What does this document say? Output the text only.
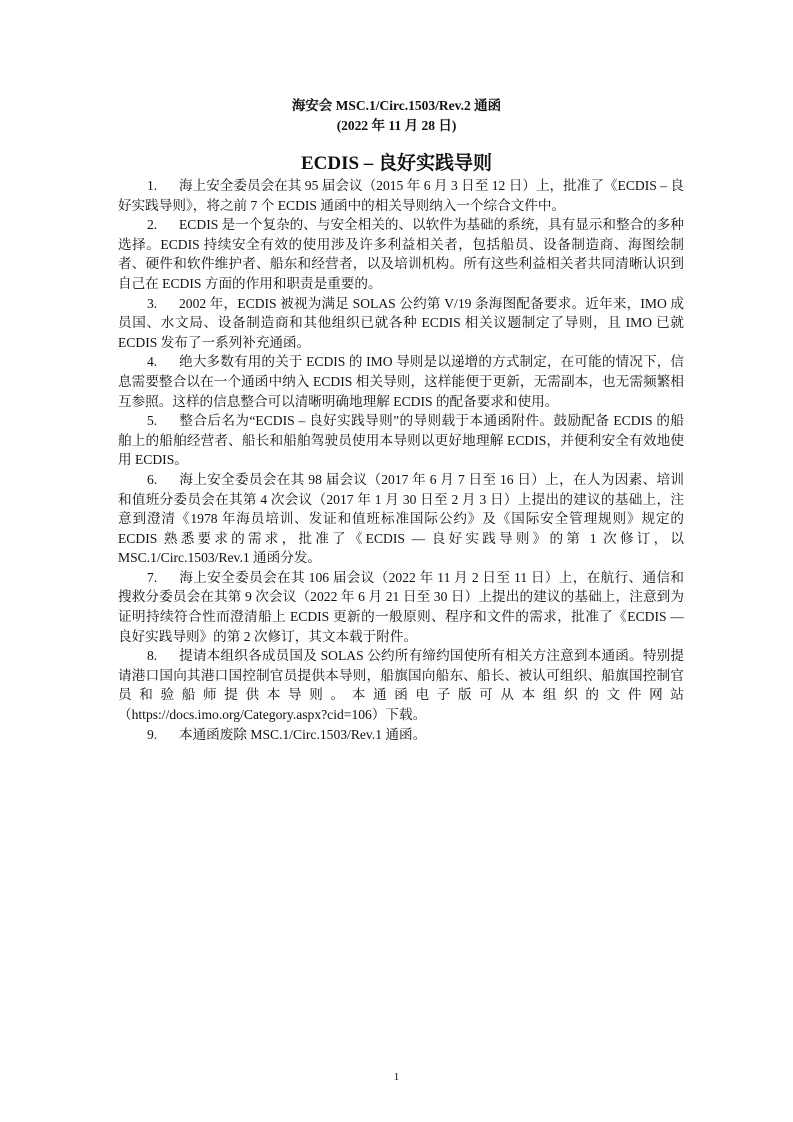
海安会 MSC.1/Circ.1503/Rev.2 通函
(2022 年 11 月 28 日)
ECDIS – 良好实践导则

1. 海上安全委员会在其 95 届会议（2015 年 6 月 3 日至 12 日）上，批准了《ECDIS – 良好实践导则》，将之前 7 个 ECDIS 通函中的相关导则纳入一个综合文件中。

2. ECDIS 是一个复杂的、与安全相关的、以软件为基础的系统，具有显示和整合的多种选择。ECDIS 持续安全有效的使用涉及许多利益相关者，包括船员、设备制造商、海图绘制者、硬件和软件维护者、船东和经营者，以及培训机构。所有这些利益相关者共同清晰认识到自己在 ECDIS 方面的作用和职责是重要的。

3. 2002 年，ECDIS 被视为满足 SOLAS 公约第 V/19 条海图配备要求。近年来，IMO 成员国、水文局、设备制造商和其他组织已就各种 ECDIS 相关议题制定了导则，且 IMO 已就 ECDIS 发布了一系列补充通函。

4. 绝大多数有用的关于 ECDIS 的 IMO 导则是以递增的方式制定，在可能的情况下，信息需要整合以在一个通函中纳入 ECDIS 相关导则，这样能便于更新，无需副本，也无需频繁相互参照。这样的信息整合可以清晰明确地理解 ECDIS 的配备要求和使用。

5. 整合后名为“ECDIS – 良好实践导则”的导则载于本通函附件。鼓励配备 ECDIS 的船舶上的船舶经营者、船长和船舶驾驶员使用本导则以更好地理解 ECDIS，并便利安全有效地使用 ECDIS。

6. 海上安全委员会在其 98 届会议（2017 年 6 月 7 日至 16 日）上，在人为因素、培训和值班分委员会在其第 4 次会议（2017 年 1 月 30 日至 2 月 3 日）上提出的建议的基础上，注意到澄清《1978 年海员培训、发证和值班标准国际公约》及《国际安全管理规则》规定的 ECDIS 熟悉要求的需求，批准了《ECDIS — 良好实践导则》的第 1 次修订，以 MSC.1/Circ.1503/Rev.1 通函分发。

7. 海上安全委员会在其 106 届会议（2022 年 11 月 2 日至 11 日）上，在航行、通信和搜救分委员会在其第 9 次会议（2022 年 6 月 21 日至 30 日）上提出的建议的基础上，注意到为证明持续符合性而澄清船上 ECDIS 更新的一般原则、程序和文件的需求，批准了《ECDIS — 良好实践导则》的第 2 次修订，其文本载于附件。

8. 提请本组织各成员国及 SOLAS 公约所有缔约国使所有相关方注意到本通函。特别提请港口国向其港口国控制官员提供本导则，船旗国向船东、船长、被认可组织、船旗国控制官员和验船师提供本导则。本通函电子版可从本组织的文件网站（https://docs.imo.org/Category.aspx?cid=106）下载。

9. 本通函废除 MSC.1/Circ.1503/Rev.1 通函。

1
